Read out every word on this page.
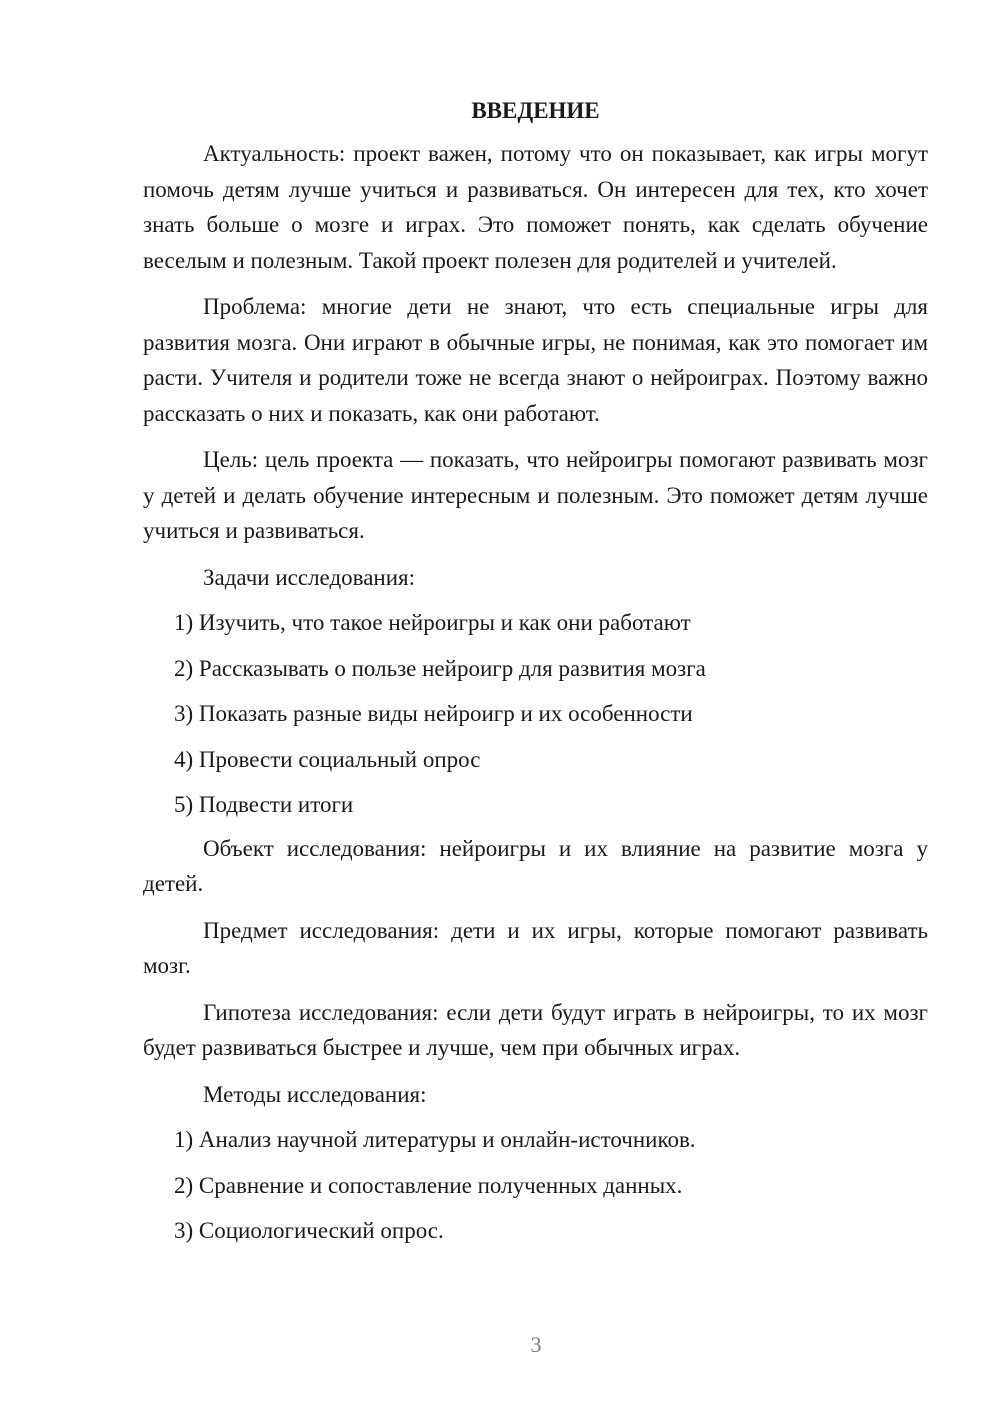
ВВЕДЕНИЕ

Актуальность: проект важен, потому что он показывает, как игры могут помочь детям лучше учиться и развиваться. Он интересен для тех, кто хочет знать больше о мозге и играх. Это поможет понять, как сделать обучение веселым и полезным. Такой проект полезен для родителей и учителей.

Проблема: многие дети не знают, что есть специальные игры для развития мозга. Они играют в обычные игры, не понимая, как это помогает им расти. Учителя и родители тоже не всегда знают о нейроиграх. Поэтому важно рассказать о них и показать, как они работают.

Цель: цель проекта — показать, что нейроигры помогают развивать мозг у детей и делать обучение интересным и полезным. Это поможет детям лучше учиться и развиваться.

Задачи исследования:
1) Изучить, что такое нейроигры и как они работают
2) Рассказывать о пользе нейроигр для развития мозга
3) Показать разные виды нейроигр и их особенности
4) Провести социальный опрос
5) Подвести итоги

Объект исследования: нейроигры и их влияние на развитие мозга у детей.

Предмет исследования: дети и их игры, которые помогают развивать мозг.

Гипотеза исследования: если дети будут играть в нейроигры, то их мозг будет развиваться быстрее и лучше, чем при обычных играх.

Методы исследования:
1) Анализ научной литературы и онлайн-источников.
2) Сравнение и сопоставление полученных данных.
3) Социологический опрос.
3
